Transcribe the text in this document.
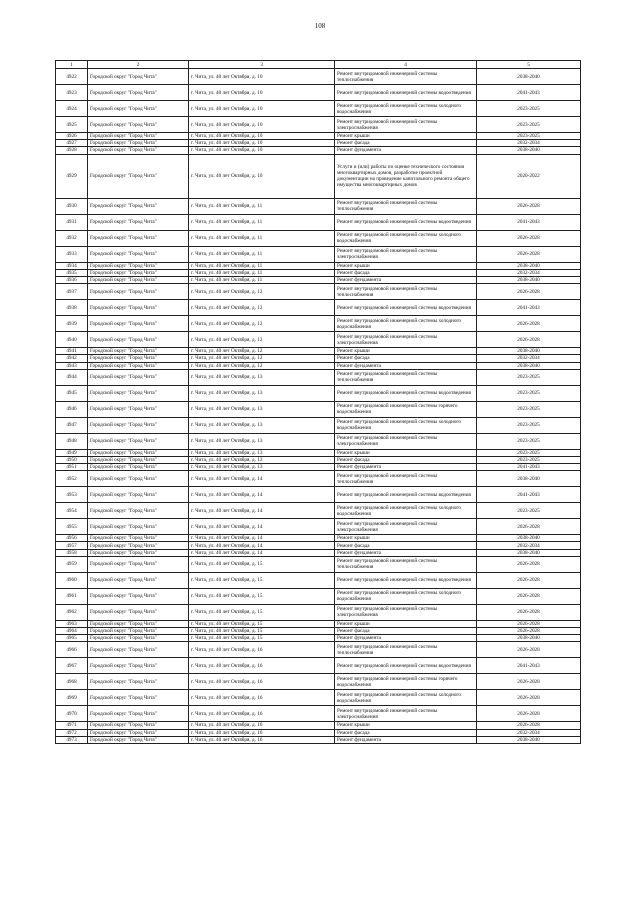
108
1	2	3	4	5
4922	Городской округ "Город Чита"	г. Чита, ул. 40 лет Октября, д. 10	Ремонт внутридомовой инженерной системы теплоснабжения	2038-2040
4923	Городской округ "Город Чита"	г. Чита, ул. 40 лет Октября, д. 10	Ремонт внутридомовой инженерной системы водоотведения	2041-2043
4924	Городской округ "Город Чита"	г. Чита, ул. 40 лет Октября, д. 10	Ремонт внутридомовой инженерной системы холодного водоснабжения	2023-2025
4925	Городской округ "Город Чита"	г. Чита, ул. 40 лет Октября, д. 10	Ремонт внутридомовой инженерной системы электроснабжения	2023-2025
4926	Городской округ "Город Чита"	г. Чита, ул. 40 лет Октября, д. 10	Ремонт крыши	2023-2025
4927	Городской округ "Город Чита"	г. Чита, ул. 40 лет Октября, д. 10	Ремонт фасада	2032-2034
4928	Городской округ "Город Чита"	г. Чита, ул. 40 лет Октября, д. 10	Ремонт фундамента	2038-2040
4929	Городской округ "Город Чита"	г. Чита, ул. 40 лет Октября, д. 10	Услуги и (или) работы по оценке технического состояния многоквартирных домов, разработке проектной документации на проведение капитального ремонта общего имущества многоквартирных домов	2020-2022
4930	Городской округ "Город Чита"	г. Чита, ул. 40 лет Октября, д. 11	Ремонт внутридомовой инженерной системы теплоснабжения	2026-2028
4931	Городской округ "Город Чита"	г. Чита, ул. 40 лет Октября, д. 11	Ремонт внутридомовой инженерной системы водоотведения	2041-2043
4932	Городской округ "Город Чита"	г. Чита, ул. 40 лет Октября, д. 11	Ремонт внутридомовой инженерной системы холодного водоснабжения	2026-2028
4933	Городской округ "Город Чита"	г. Чита, ул. 40 лет Октября, д. 11	Ремонт внутридомовой инженерной системы электроснабжения	2026-2028
4934	Городской округ "Город Чита"	г. Чита, ул. 40 лет Октября, д. 11	Ремонт крыши	2038-2040
4935	Городской округ "Город Чита"	г. Чита, ул. 40 лет Октября, д. 11	Ремонт фасада	2032-2034
4936	Городской округ "Город Чита"	г. Чита, ул. 40 лет Октября, д. 11	Ремонт фундамента	2038-2040
4937	Городской округ "Город Чита"	г. Чита, ул. 40 лет Октября, д. 12	Ремонт внутридомовой инженерной системы теплоснабжения	2026-2028
4938	Городской округ "Город Чита"	г. Чита, ул. 40 лет Октября, д. 12	Ремонт внутридомовой инженерной системы водоотведения	2041-2043
4939	Городской округ "Город Чита"	г. Чита, ул. 40 лет Октября, д. 12	Ремонт внутридомовой инженерной системы холодного водоснабжения	2026-2028
4940	Городской округ "Город Чита"	г. Чита, ул. 40 лет Октября, д. 12	Ремонт внутридомовой инженерной системы электроснабжения	2026-2028
4941	Городской округ "Город Чита"	г. Чита, ул. 40 лет Октября, д. 12	Ремонт крыши	2038-2040
4942	Городской округ "Город Чита"	г. Чита, ул. 40 лет Октября, д. 12	Ремонт фасада	2032-2034
4943	Городской округ "Город Чита"	г. Чита, ул. 40 лет Октября, д. 12	Ремонт фундамента	2038-2040
4944	Городской округ "Город Чита"	г. Чита, ул. 40 лет Октября, д. 13	Ремонт внутридомовой инженерной системы теплоснабжения	2023-2025
4945	Городской округ "Город Чита"	г. Чита, ул. 40 лет Октября, д. 13	Ремонт внутридомовой инженерной системы водоотведения	2023-2025
4946	Городской округ "Город Чита"	г. Чита, ул. 40 лет Октября, д. 13	Ремонт внутридомовой инженерной системы горячего водоснабжения	2023-2025
4947	Городской округ "Город Чита"	г. Чита, ул. 40 лет Октября, д. 13	Ремонт внутридомовой инженерной системы холодного водоснабжения	2023-2025
4948	Городской округ "Город Чита"	г. Чита, ул. 40 лет Октября, д. 13	Ремонт внутридомовой инженерной системы электроснабжения	2023-2025
4949	Городской округ "Город Чита"	г. Чита, ул. 40 лет Октября, д. 13	Ремонт крыши	2023-2025
4950	Городской округ "Город Чита"	г. Чита, ул. 40 лет Октября, д. 13	Ремонт фасада	2023-2025
4951	Городской округ "Город Чита"	г. Чита, ул. 40 лет Октября, д. 13	Ремонт фундамента	2041-2043
4952	Городской округ "Город Чита"	г. Чита, ул. 40 лет Октября, д. 14	Ремонт внутридомовой инженерной системы теплоснабжения	2038-2040
4953	Городской округ "Город Чита"	г. Чита, ул. 40 лет Октября, д. 14	Ремонт внутридомовой инженерной системы водоотведения	2041-2043
4954	Городской округ "Город Чита"	г. Чита, ул. 40 лет Октября, д. 14	Ремонт внутридомовой инженерной системы холодного водоснабжения	2023-2025
4955	Городской округ "Город Чита"	г. Чита, ул. 40 лет Октября, д. 14	Ремонт внутридомовой инженерной системы электроснабжения	2026-2028
4956	Городской округ "Город Чита"	г. Чита, ул. 40 лет Октября, д. 14	Ремонт крыши	2038-2040
4957	Городской округ "Город Чита"	г. Чита, ул. 40 лет Октября, д. 14	Ремонт фасада	2032-2034
4958	Городской округ "Город Чита"	г. Чита, ул. 40 лет Октября, д. 14	Ремонт фундамента	2038-2040
4959	Городской округ "Город Чита"	г. Чита, ул. 40 лет Октября, д. 15	Ремонт внутридомовой инженерной системы теплоснабжения	2026-2028
4960	Городской округ "Город Чита"	г. Чита, ул. 40 лет Октября, д. 15	Ремонт внутридомовой инженерной системы водоотведения	2026-2028
4961	Городской округ "Город Чита"	г. Чита, ул. 40 лет Октября, д. 15	Ремонт внутридомовой инженерной системы холодного водоснабжения	2026-2028
4962	Городской округ "Город Чита"	г. Чита, ул. 40 лет Октября, д. 15	Ремонт внутридомовой инженерной системы электроснабжения	2026-2028
4963	Городской округ "Город Чита"	г. Чита, ул. 40 лет Октября, д. 15	Ремонт крыши	2026-2028
4964	Городской округ "Город Чита"	г. Чита, ул. 40 лет Октября, д. 15	Ремонт фасада	2026-2028
4965	Городской округ "Город Чита"	г. Чита, ул. 40 лет Октября, д. 15	Ремонт фундамента	2038-2040
4966	Городской округ "Город Чита"	г. Чита, ул. 40 лет Октября, д. 16	Ремонт внутридомовой инженерной системы теплоснабжения	2026-2028
4967	Городской округ "Город Чита"	г. Чита, ул. 40 лет Октября, д. 16	Ремонт внутридомовой инженерной системы водоотведения	2041-2043
4968	Городской округ "Город Чита"	г. Чита, ул. 40 лет Октября, д. 16	Ремонт внутридомовой инженерной системы горячего водоснабжения	2026-2028
4969	Городской округ "Город Чита"	г. Чита, ул. 40 лет Октября, д. 16	Ремонт внутридомовой инженерной системы холодного водоснабжения	2026-2028
4970	Городской округ "Город Чита"	г. Чита, ул. 40 лет Октября, д. 16	Ремонт внутридомовой инженерной системы электроснабжения	2026-2028
4971	Городской округ "Город Чита"	г. Чита, ул. 40 лет Октября, д. 16	Ремонт крыши	2026-2028
4972	Городской округ "Город Чита"	г. Чита, ул. 40 лет Октября, д. 16	Ремонт фасада	2032-2034
4973	Городской округ "Город Чита"	г. Чита, ул. 40 лет Октября, д. 16	Ремонт фундамента	2038-2040
